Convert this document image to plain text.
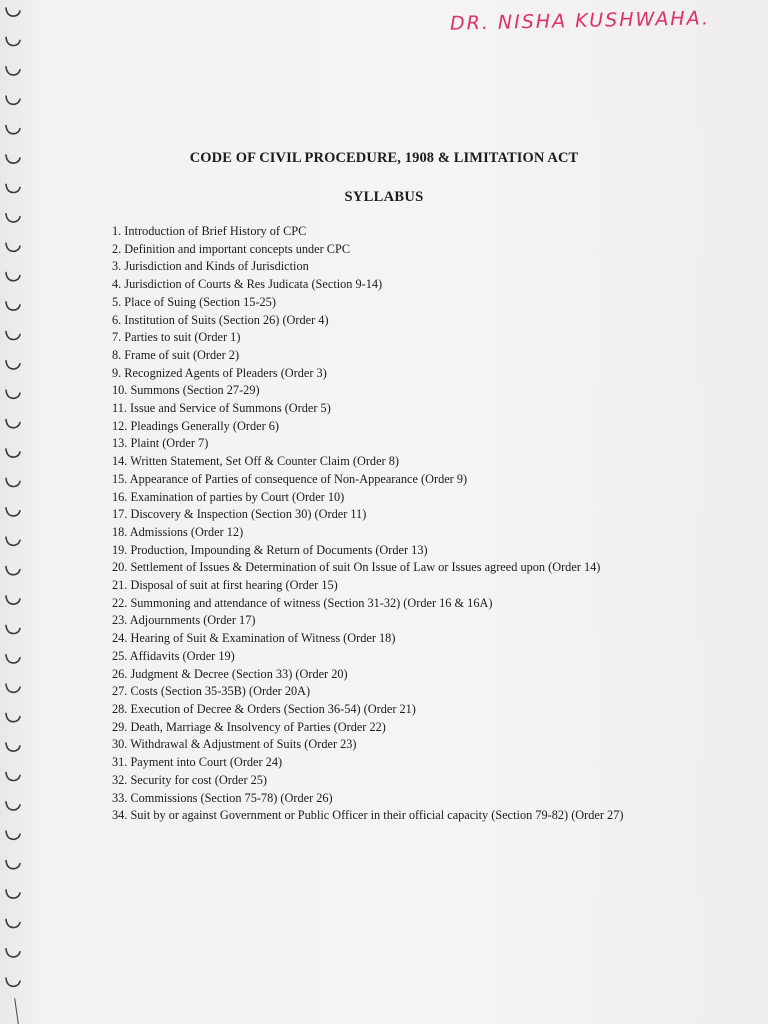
DR. NISHA KUSHWAHA.
CODE OF CIVIL PROCEDURE, 1908 & LIMITATION ACT
SYLLABUS
1. Introduction of Brief History of CPC
2. Definition and important concepts under CPC
3. Jurisdiction and Kinds of Jurisdiction
4. Jurisdiction of Courts & Res Judicata (Section 9-14)
5. Place of Suing (Section 15-25)
6. Institution of Suits (Section 26) (Order 4)
7. Parties to suit (Order 1)
8. Frame of suit (Order 2)
9. Recognized Agents of Pleaders (Order 3)
10. Summons (Section 27-29)
11. Issue and Service of Summons (Order 5)
12. Pleadings Generally (Order 6)
13. Plaint (Order 7)
14. Written Statement, Set Off & Counter Claim (Order 8)
15. Appearance of Parties of consequence of Non-Appearance (Order 9)
16. Examination of parties by Court (Order 10)
17. Discovery & Inspection (Section 30) (Order 11)
18. Admissions (Order 12)
19. Production, Impounding & Return of Documents (Order 13)
20. Settlement of Issues & Determination of suit On Issue of Law or Issues agreed upon (Order 14)
21. Disposal of suit at first hearing (Order 15)
22. Summoning and attendance of witness (Section 31-32) (Order 16 & 16A)
23. Adjournments (Order 17)
24. Hearing of Suit & Examination of Witness (Order 18)
25. Affidavits (Order 19)
26. Judgment & Decree (Section 33) (Order 20)
27. Costs (Section 35-35B) (Order 20A)
28. Execution of Decree & Orders (Section 36-54) (Order 21)
29. Death, Marriage & Insolvency of Parties (Order 22)
30. Withdrawal & Adjustment of Suits (Order 23)
31. Payment into Court (Order 24)
32. Security for cost (Order 25)
33. Commissions (Section 75-78) (Order 26)
34. Suit by or against Government or Public Officer in their official capacity (Section 79-82) (Order 27)
